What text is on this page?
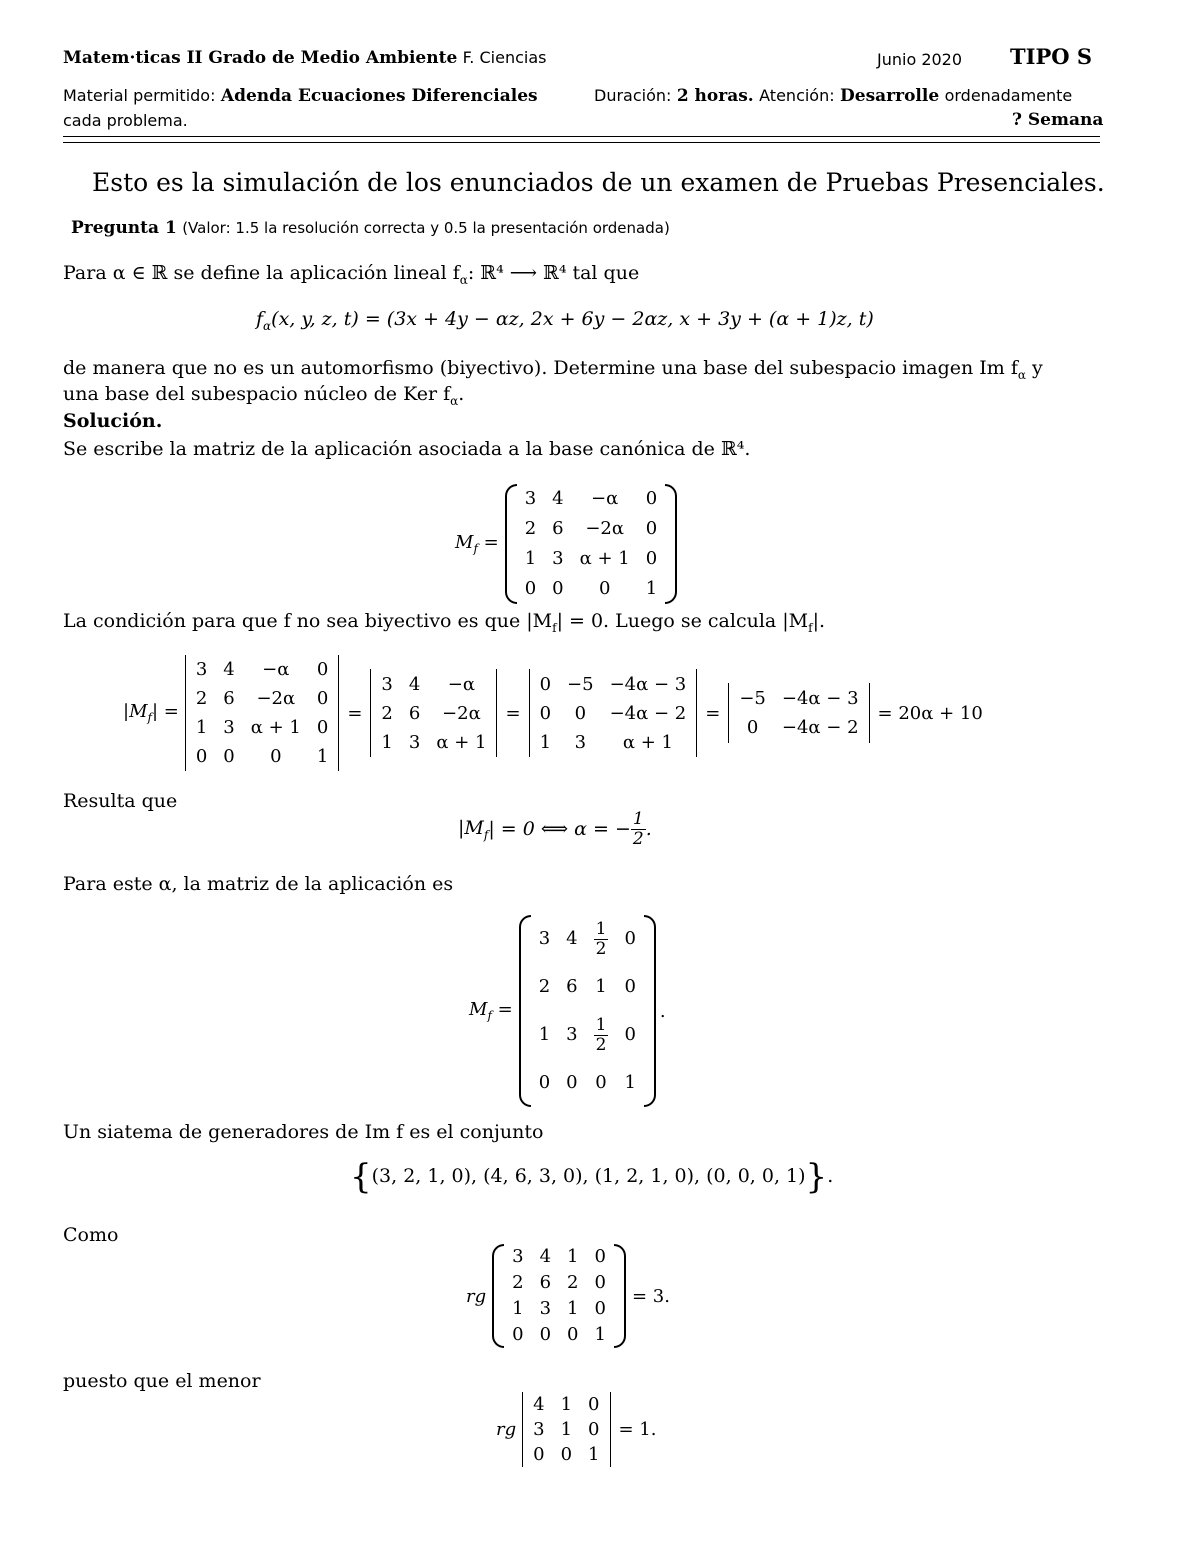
Matem·ticas II Grado de Medio Ambiente F. Ciencias	Junio 2020 TIPO S
Material permitido: Adenda Ecuaciones Diferenciales	Duración: 2 horas. Atención: Desarrolle ordenadamente
cada problema.	? Semana
Esto es la simulación de los enunciados de un examen de Pruebas Presenciales.
Pregunta 1 (Valor: 1.5 la resolución correcta y 0.5 la presentación ordenada)
Para α ∈ ℝ se define la aplicación lineal $f_\alpha$: ℝ⁴ ⟶ ℝ⁴ tal que
$f_\alpha(x$, y, z, t) = (3x + 4y − αz, 2x + 6y − 2αz, x + 3y + (α + 1)z, t)
de manera que no es un automorfismo (biyectivo). Determine una base del subespacio imagen Im $f_\alpha$ y
una base del subespacio núcleo de Ker $f_\alpha$.
Solución.
Se escribe la matriz de la aplicación asociada a la base canónica de ℝ⁴.
$M_f$ =
3	4	−α	0
2	6	−2α	0
1	3	α + 1	0
0	0	0	1
La condición para que f no sea biyectivo es que $|M_f| = 0$. Luego se calcula $|M_f|$.
$|M_f|$ =
3	4	−α	0
2	6	−2α	0
1	3	α + 1	0
0	0	0	1
=
3	4	−α
2	6	−2α
1	3	α + 1
=
0	−5	−4α − 3
0	0	−4α − 2
1	3	α + 1
=
−5	−4α − 3
0	−4α − 2
= 20α + 10
Resulta que
$|M_f$ | = 0 ⟺ α = − $\frac{1}{2}$ .
Para este α, la matriz de la aplicación es
$M_f$ =
3	4	$\frac{1}{2}$	0
2	6	1	0
1	3	$\frac{1}{2}$	0
0	0	0	1
.
Un siatema de generadores de Im f es el conjunto
{(3, 2, 1, 0), (4, 6, 3, 0), (1, 2, 1, 0), (0, 0, 0, 1)}.
Como
rg
3	4	1	0
2	6	2	0
1	3	1	0
0	0	0	1
= 3.
puesto que el menor
rg
4	1	0
3	1	0
0	0	1
= 1.
